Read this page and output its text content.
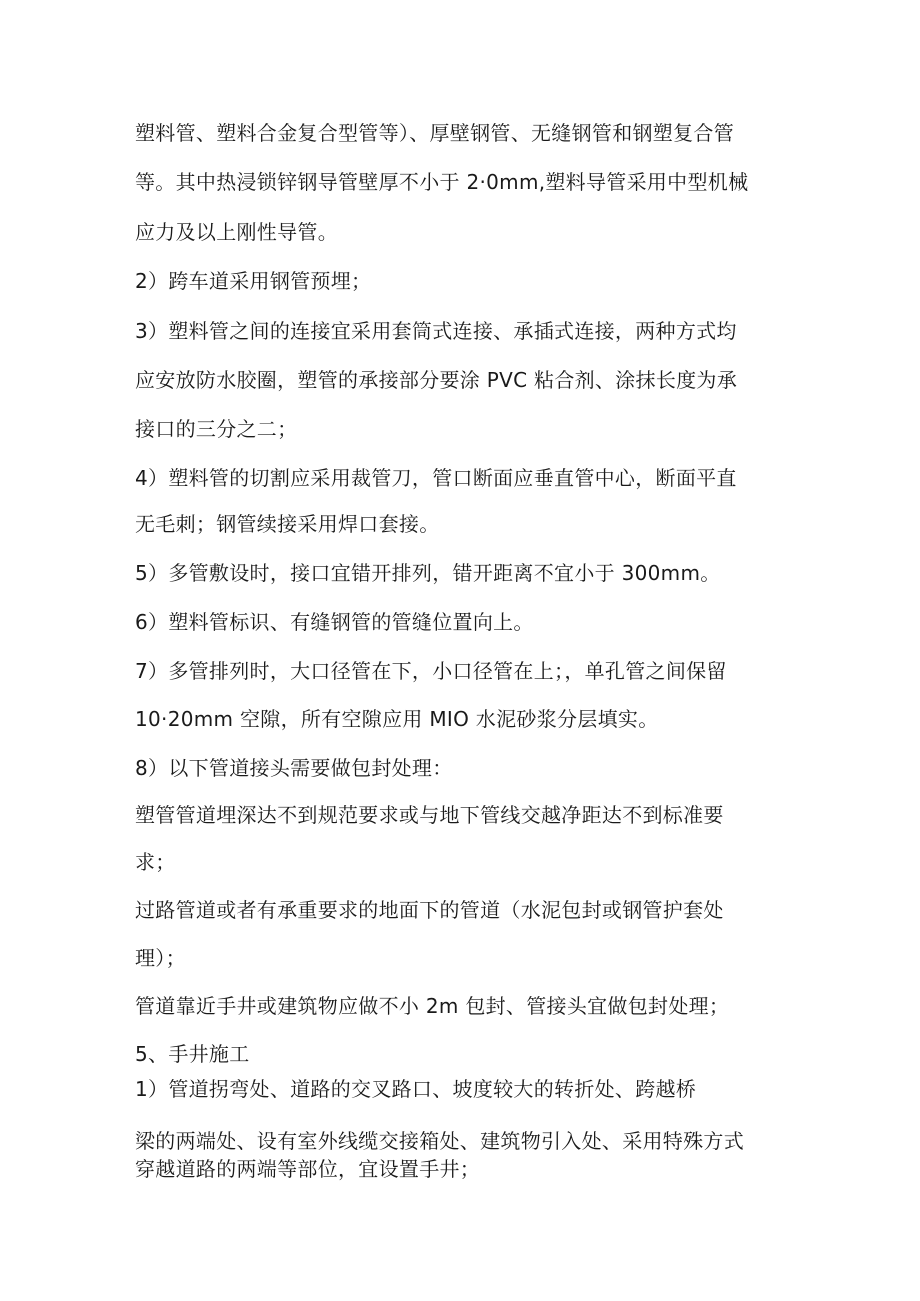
塑料管、塑料合金复合型管等）、厚壁钢管、无缝钢管和钢塑复合管
等。其中热浸锁锌钢导管壁厚不小于 2·0mm,塑料导管采用中型机械
应力及以上刚性导管。
2）跨车道采用钢管预埋；
3）塑料管之间的连接宜采用套筒式连接、承插式连接，两种方式均
应安放防水胶圈，塑管的承接部分要涂 PVC 粘合剂、涂抹长度为承
接口的三分之二；
4）塑料管的切割应采用裁管刀，管口断面应垂直管中心，断面平直
无毛刺；钢管续接采用焊口套接。
5）多管敷设时，接口宜错开排列，错开距离不宜小于 300mm。
6）塑料管标识、有缝钢管的管缝位置向上。
7）多管排列时，大口径管在下，小口径管在上；，单孔管之间保留
10·20mm 空隙，所有空隙应用 MIO 水泥砂浆分层填实。
8）以下管道接头需要做包封处理：
塑管管道埋深达不到规范要求或与地下管线交越净距达不到标准要
求；
过路管道或者有承重要求的地面下的管道（水泥包封或钢管护套处
理）；
管道靠近手井或建筑物应做不小 2m 包封、管接头宜做包封处理；
5、手井施工
1）管道拐弯处、道路的交叉路口、坡度较大的转折处、跨越桥
梁的两端处、设有室外线缆交接箱处、建筑物引入处、采用特殊方式
穿越道路的两端等部位，宜设置手井；
